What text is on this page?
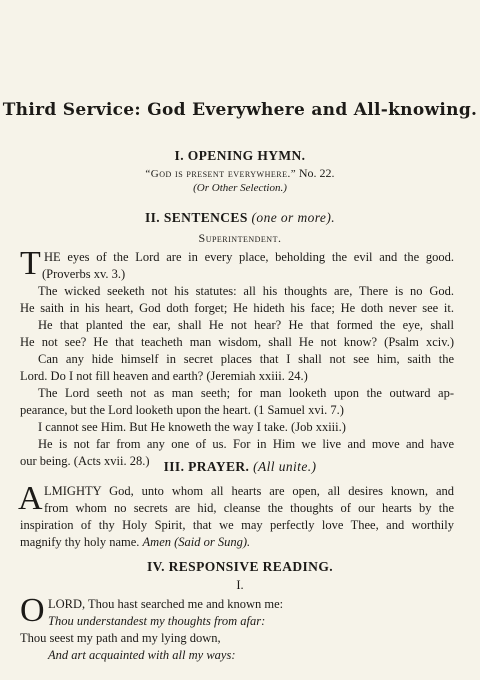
Third Service: God Everywhere and All-knowing.
I. OPENING HYMN.
“God is present everywhere.” No. 22.
(Or Other Selection.)
II. SENTENCES (one or more).
Superintendent.
T HE eyes of the Lord are in every place, beholding the evil and the good.
(Proverbs xv. 3.)
The wicked seeketh not his statutes: all his thoughts are, There is no God.
He saith in his heart, God doth forget; He hideth his face; He doth never see it.
He that planted the ear, shall He not hear? He that formed the eye, shall
He not see? He that teacheth man wisdom, shall He not know? (Psalm xciv.)
Can any hide himself in secret places that I shall not see him, saith the
Lord. Do I not fill heaven and earth? (Jeremiah xxiii. 24.)
The Lord seeth not as man seeth; for man looketh upon the outward ap-
pearance, but the Lord looketh upon the heart. (1 Samuel xvi. 7.)
I cannot see Him. But He knoweth the way I take. (Job xxiii.)
He is not far from any one of us. For in Him we live and move and have
our being. (Acts xvii. 28.)	III. PRAYER. (All unite.)
A LMIGHTY God, unto whom all hearts are open, all desires known, and
from whom no secrets are hid, cleanse the thoughts of our hearts by the
inspiration of thy Holy Spirit, that we may perfectly love Thee, and worthily
magnify thy holy name. Amen (Said or Sung).
IV. RESPONSIVE READING.
I.
O LORD, Thou hast searched me and known me:
Thou understandest my thoughts from afar:
Thou seest my path and my lying down,
And art acquainted with all my ways:
